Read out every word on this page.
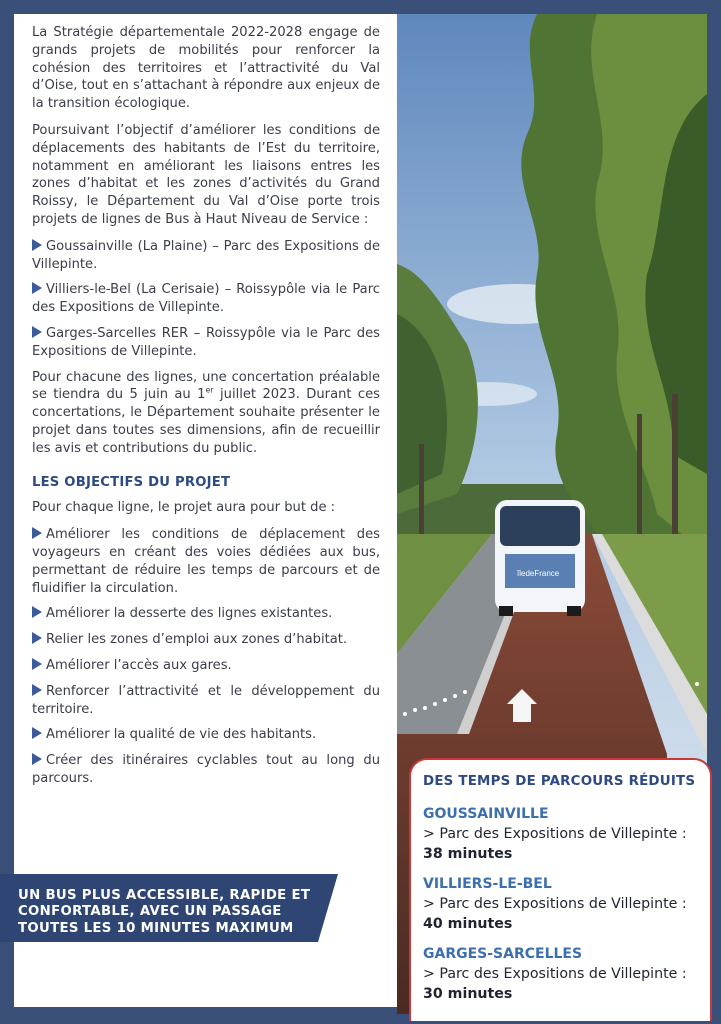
La Stratégie départementale 2022-2028 engage de grands projets de mobilités pour renforcer la cohésion des territoires et l’attractivité du Val d’Oise, tout en s’attachant à répondre aux enjeux de la transition écologique.

Poursuivant l’objectif d’améliorer les conditions de déplacements des habitants de l’Est du territoire, notamment en améliorant les liaisons entres les zones d’habitat et les zones d’activités du Grand Roissy, le Département du Val d’Oise porte trois projets de lignes de Bus à Haut Niveau de Service :

Goussainville (La Plaine) – Parc des Expositions de Villepinte.
Villiers-le-Bel (La Cerisaie) – Roissypôle via le Parc des Expositions de Villepinte.
Garges-Sarcelles RER – Roissypôle via le Parc des Expositions de Villepinte.

Pour chacune des lignes, une concertation préalable se tiendra du 5 juin au 1er juillet 2023. Durant ces concertations, le Département souhaite présenter le projet dans toutes ses dimensions, afin de recueillir les avis et contributions du public.

LES OBJECTIFS DU PROJET

Pour chaque ligne, le projet aura pour but de :

Améliorer les conditions de déplacement des voyageurs en créant des voies dédiées aux bus, permettant de réduire les temps de parcours et de fluidifier la circulation.
Améliorer la desserte des lignes existantes.
Relier les zones d’emploi aux zones d’habitat.
Améliorer l’accès aux gares.
Renforcer l’attractivité et le développement du territoire.
Améliorer la qualité de vie des habitants.
Créer des itinéraires cyclables tout au long du parcours.
UN BUS PLUS ACCESSIBLE, RAPIDE ET
CONFORTABLE, AVEC UN PASSAGE
TOUTES LES 10 MINUTES MAXIMUM
îledeFrance
DES TEMPS DE PARCOURS RÉDUITS
GOUSSAINVILLE
> Parc des Expositions de Villepinte :
38 minutes
VILLIERS-LE-BEL
> Parc des Expositions de Villepinte :
40 minutes
GARGES-SARCELLES
> Parc des Expositions de Villepinte :
30 minutes
